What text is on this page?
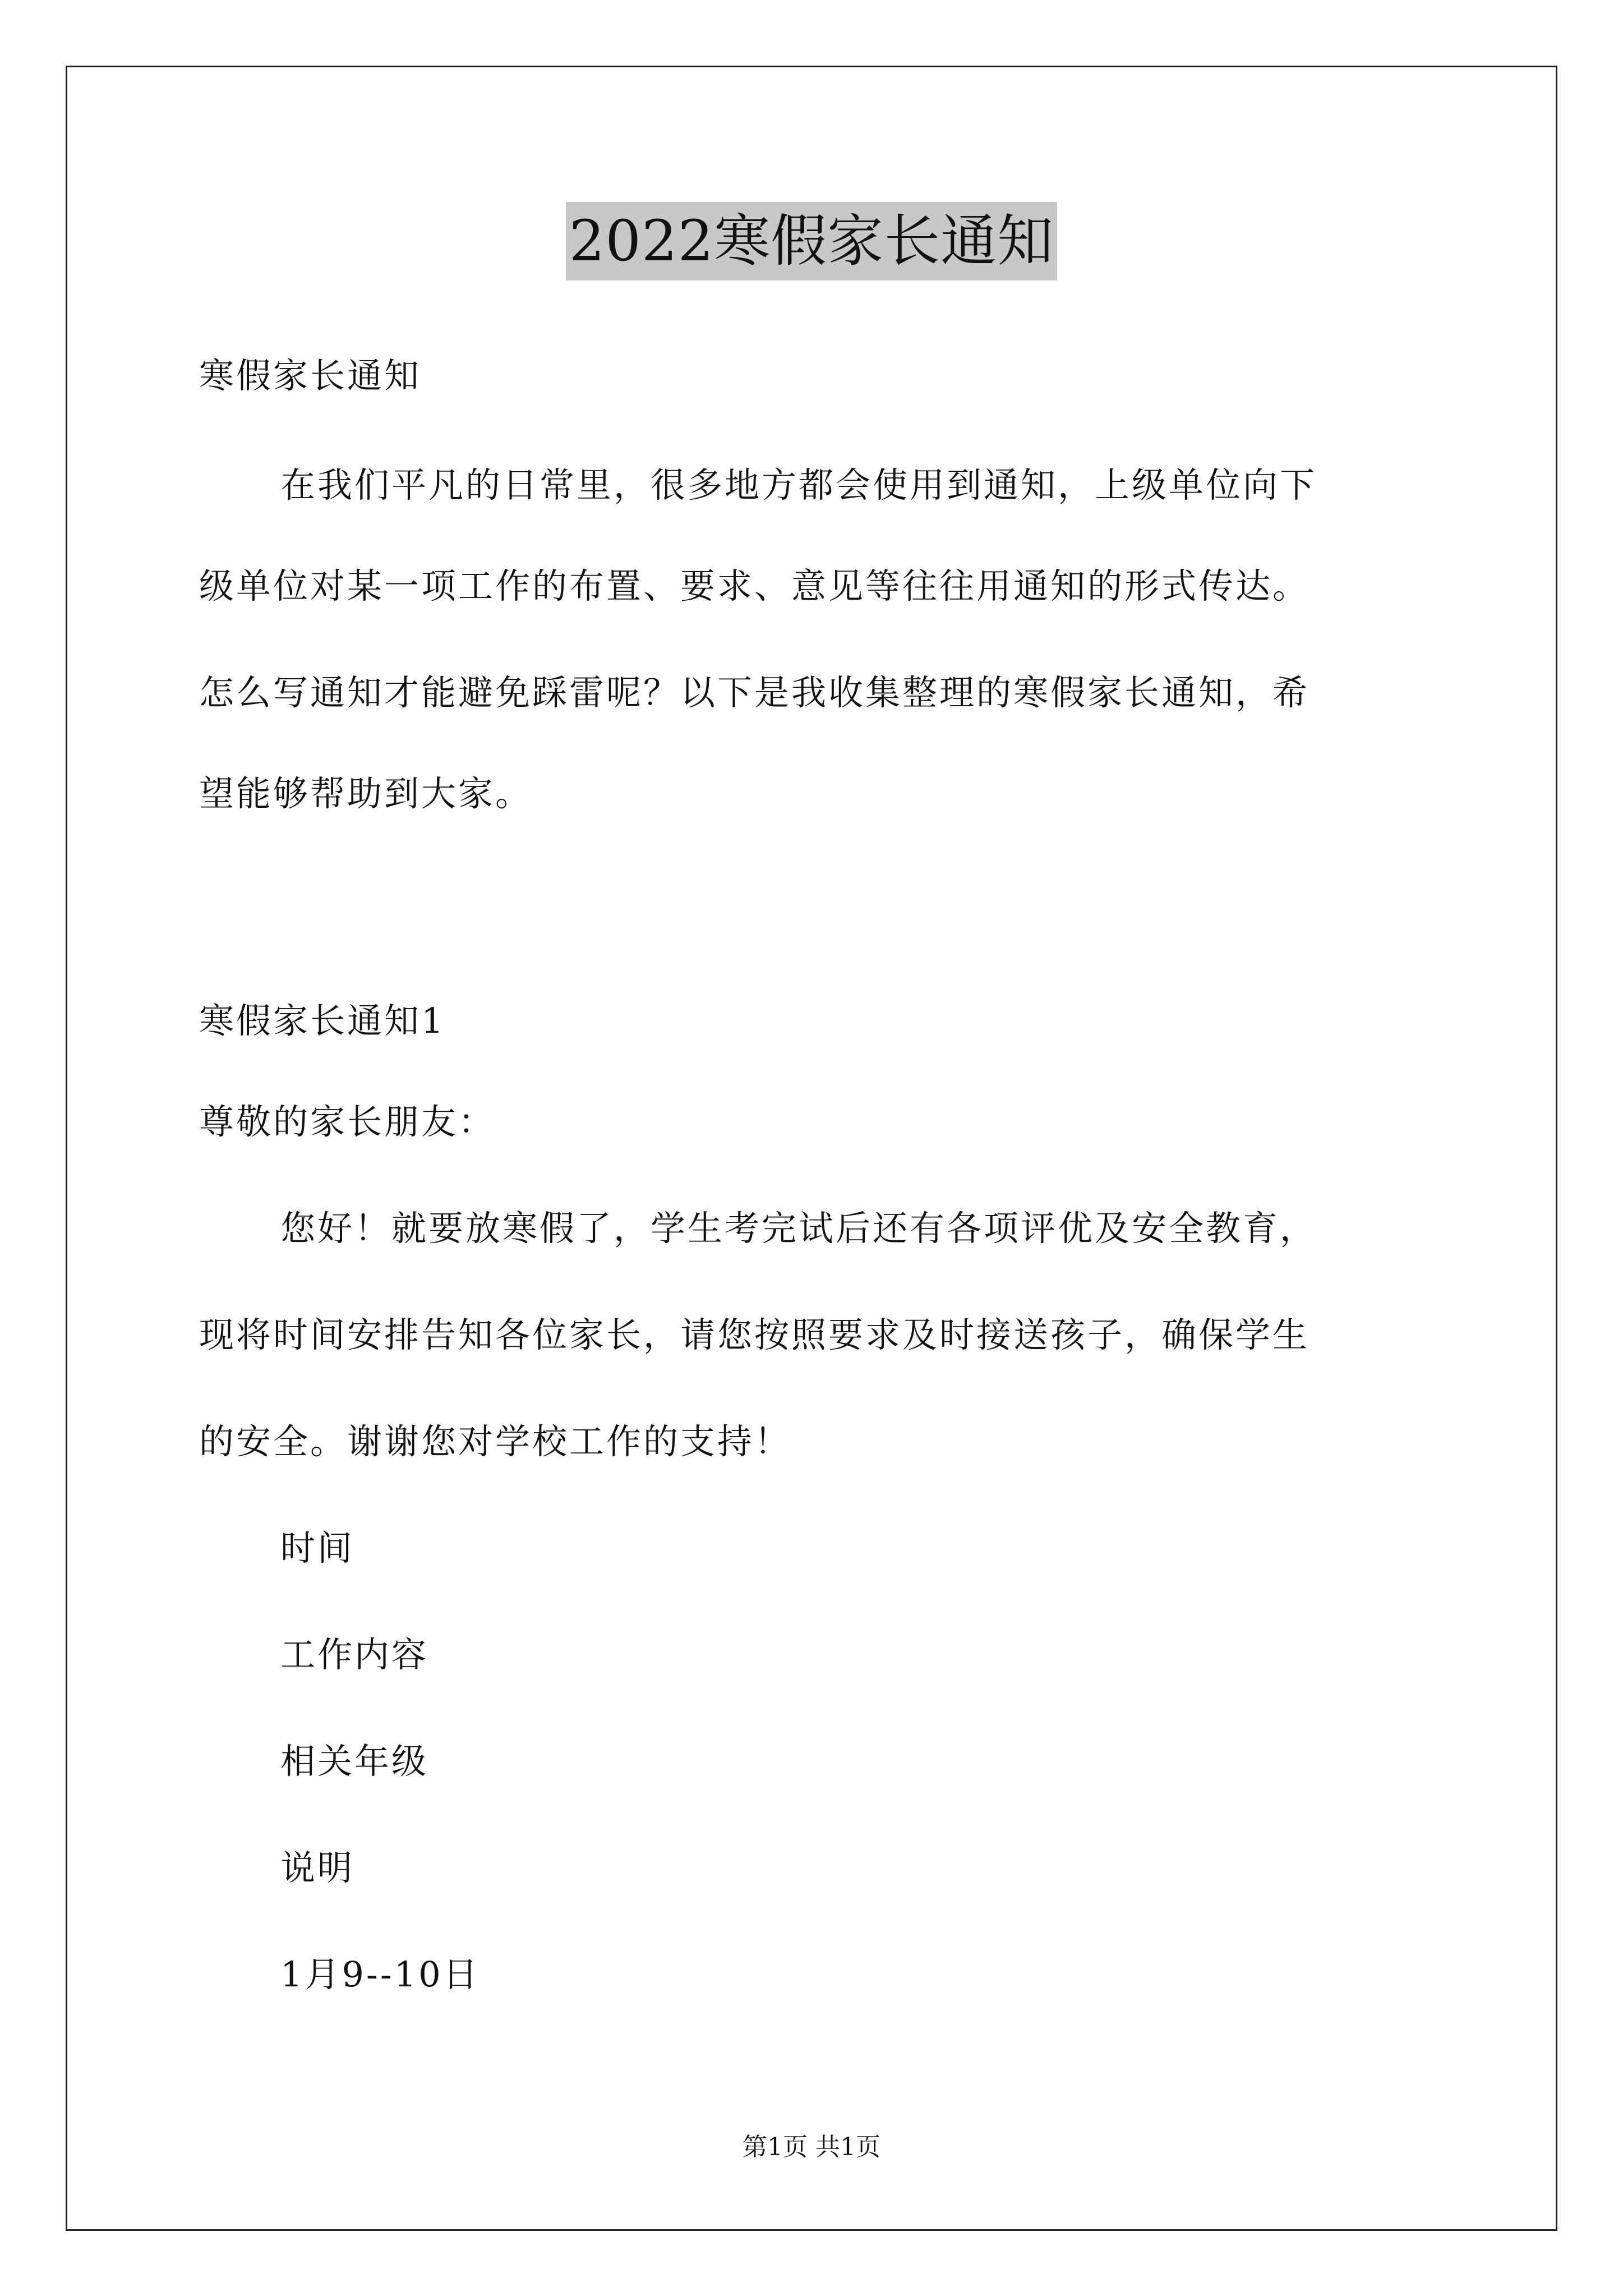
2022寒假家长通知
寒假家长通知
在我们平凡的日常里，很多地方都会使用到通知，上级单位向下
级单位对某一项工作的布置、要求、意见等往往用通知的形式传达。
怎么写通知才能避免踩雷呢？以下是我收集整理的寒假家长通知，希
望能够帮助到大家。
寒假家长通知1
尊敬的家长朋友：
您好！就要放寒假了，学生考完试后还有各项评优及安全教育，
现将时间安排告知各位家长，请您按照要求及时接送孩子，确保学生
的安全。谢谢您对学校工作的支持！
时间
工作内容
相关年级
说明
1月9--10日
第1页 共1页
